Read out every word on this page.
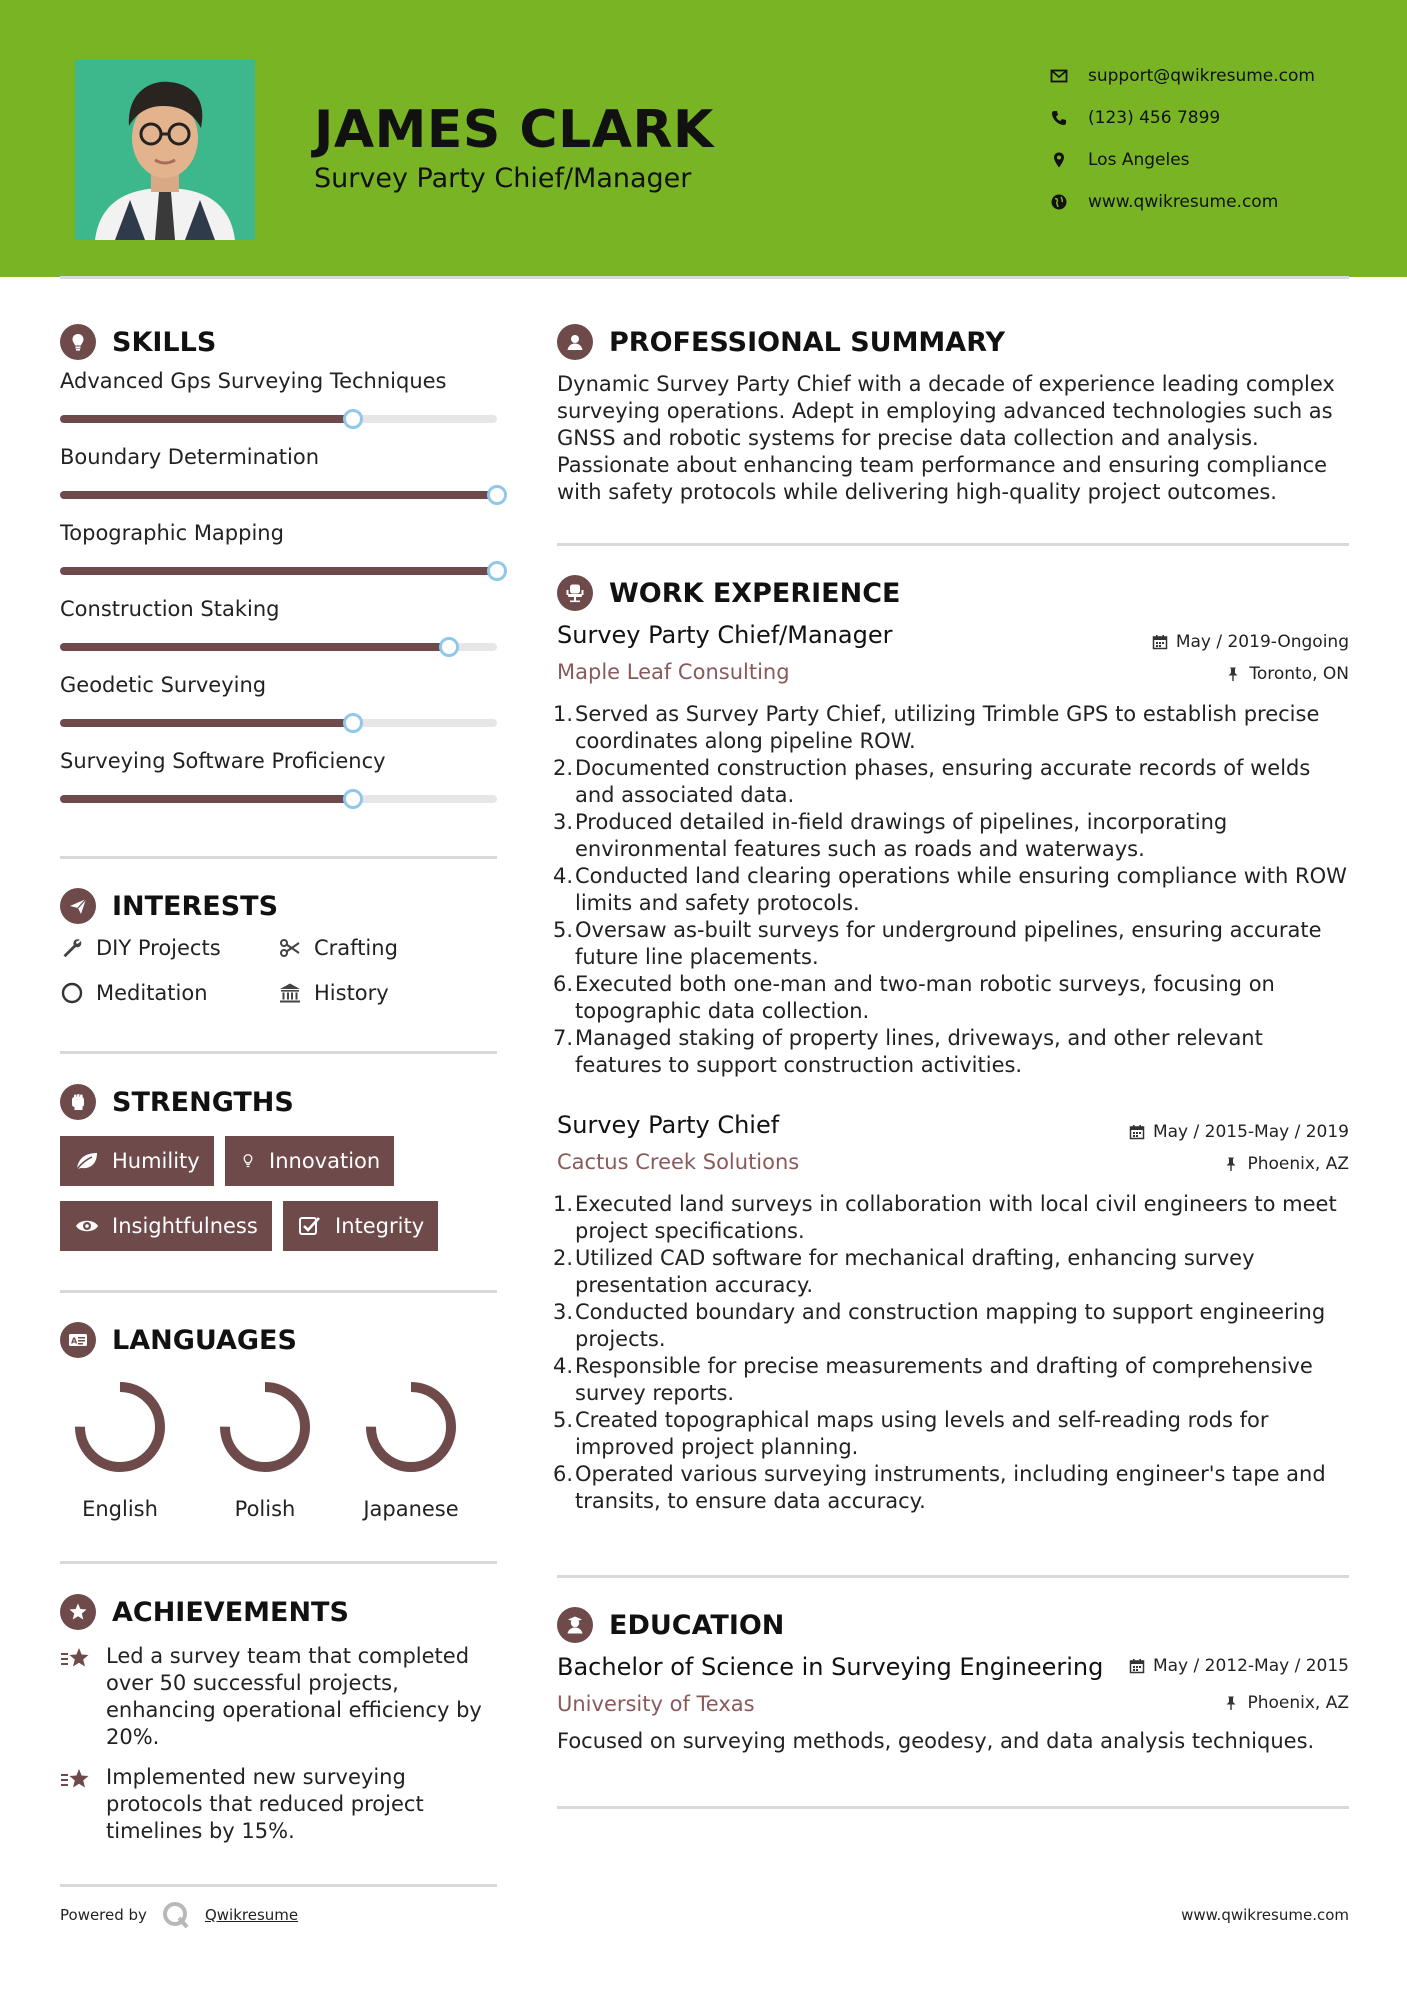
JAMES CLARK
Survey Party Chief/Manager
support@qwikresume.com
(123) 456 7899
Los Angeles
www.qwikresume.com
SKILLS
Advanced Gps Surveying Techniques
Boundary Determination
Topographic Mapping
Construction Staking
Geodetic Surveying
Surveying Software Proficiency
INTERESTS
DIY Projects	Crafting
Meditation	History
STRENGTHS
Humility	Innovation
Insightfulness	Integrity
A LANGUAGES
English	Polish	Japanese
ACHIEVEMENTS
Led a survey team that completed over 50 successful projects, enhancing operational efficiency by 20%.
Implemented new surveying protocols that reduced project timelines by 15%.
PROFESSIONAL SUMMARY
Dynamic Survey Party Chief with a decade of experience leading complex surveying operations. Adept in employing advanced technologies such as GNSS and robotic systems for precise data collection and analysis. Passionate about enhancing team performance and ensuring compliance with safety protocols while delivering high-quality project outcomes.
WORK EXPERIENCE
Survey Party Chief/Manager	May / 2019-Ongoing
Maple Leaf Consulting	Toronto, ON
Served as Survey Party Chief, utilizing Trimble GPS to establish precise coordinates along pipeline ROW.
Documented construction phases, ensuring accurate records of welds and associated data.
Produced detailed in-field drawings of pipelines, incorporating environmental features such as roads and waterways.
Conducted land clearing operations while ensuring compliance with ROW limits and safety protocols.
Oversaw as-built surveys for underground pipelines, ensuring accurate future line placements.
Executed both one-man and two-man robotic surveys, focusing on topographic data collection.
Managed staking of property lines, driveways, and other relevant features to support construction activities.
Survey Party Chief	May / 2015-May / 2019
Cactus Creek Solutions	Phoenix, AZ
Executed land surveys in collaboration with local civil engineers to meet project specifications.
Utilized CAD software for mechanical drafting, enhancing survey presentation accuracy.
Conducted boundary and construction mapping to support engineering projects.
Responsible for precise measurements and drafting of comprehensive survey reports.
Created topographical maps using levels and self-reading rods for improved project planning.
Operated various surveying instruments, including engineer's tape and transits, to ensure data accuracy.
EDUCATION
Bachelor of Science in Surveying Engineering	May / 2012-May / 2015
University of Texas	Phoenix, AZ
Focused on surveying methods, geodesy, and data analysis techniques.
Powered by	Qwikresume	www.qwikresume.com
